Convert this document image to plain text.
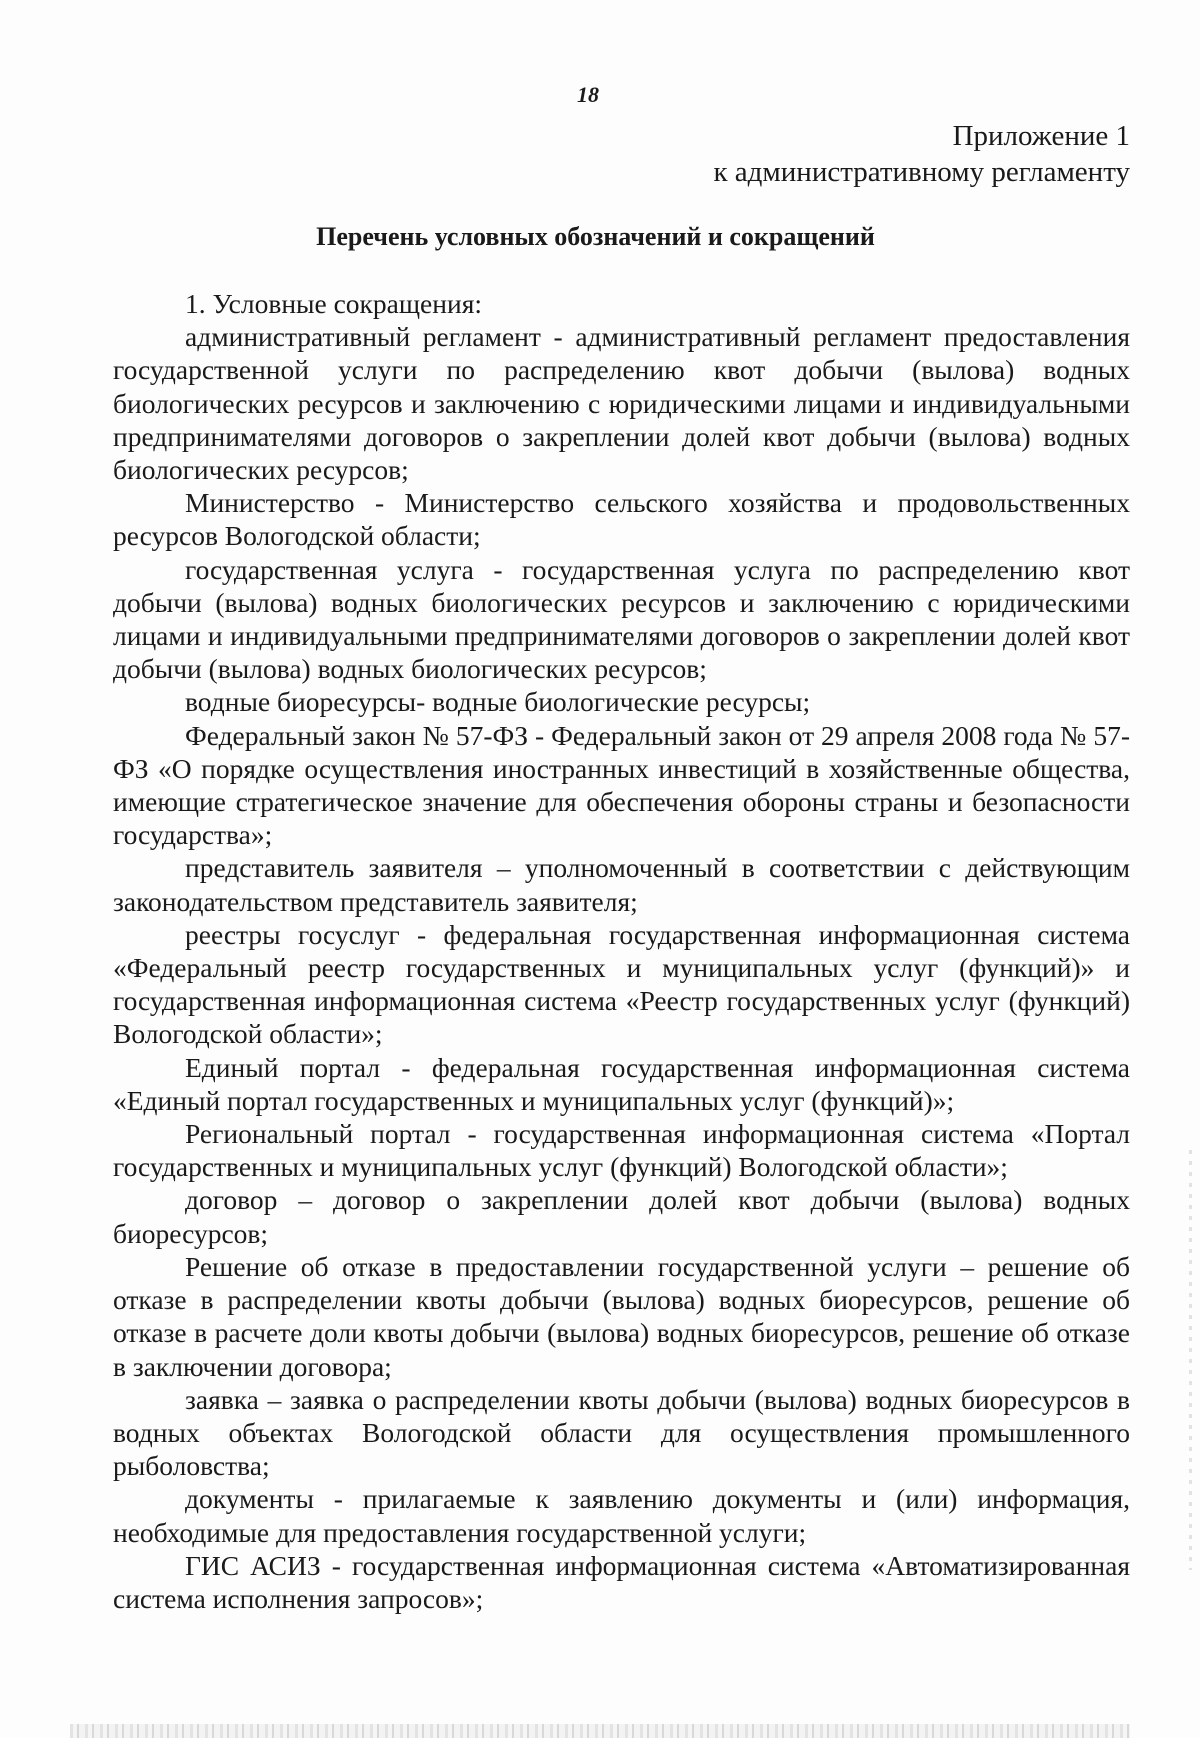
18
Приложение 1
к административному регламенту
Перечень условных обозначений и сокращений

1. Условные сокращения:

административный регламент - административный регламент предоставления государственной услуги по распределению квот добычи (вылова) водных биологических ресурсов и заключению с юридическими лицами и индивидуальными предпринимателями договоров о закреплении долей квот добычи (вылова) водных биологических ресурсов;

Министерство - Министерство сельского хозяйства и продовольственных ресурсов Вологодской области;

государственная услуга - государственная услуга по распределению квот добычи (вылова) водных биологических ресурсов и заключению с юридическими лицами и индивидуальными предпринимателями договоров о закреплении долей квот добычи (вылова) водных биологических ресурсов;

водные биоресурсы- водные биологические ресурсы;

Федеральный закон № 57-ФЗ - Федеральный закон от 29 апреля 2008 года № 57-ФЗ «О порядке осуществления иностранных инвестиций в хозяйственные общества, имеющие стратегическое значение для обеспечения обороны страны и безопасности государства»;

представитель заявителя – уполномоченный в соответствии с действующим законодательством представитель заявителя;

реестры госуслуг - федеральная государственная информационная система «Федеральный реестр государственных и муниципальных услуг (функций)» и государственная информационная система «Реестр государственных услуг (функций) Вологодской области»;

Единый портал - федеральная государственная информационная система «Единый портал государственных и муниципальных услуг (функций)»;

Региональный портал - государственная информационная система «Портал государственных и муниципальных услуг (функций) Вологодской области»;

договор – договор о закреплении долей квот добычи (вылова) водных биоресурсов;

Решение об отказе в предоставлении государственной услуги – решение об отказе в распределении квоты добычи (вылова) водных биоресурсов, решение об отказе в расчете доли квоты добычи (вылова) водных биоресурсов, решение об отказе в заключении договора;

заявка – заявка о распределении квоты добычи (вылова) водных биоресурсов в водных объектах Вологодской области для осуществления промышленного рыболовства;

документы - прилагаемые к заявлению документы и (или) информация, необходимые для предоставления государственной услуги;

ГИС АСИЗ - государственная информационная система «Автоматизированная система исполнения запросов»;
